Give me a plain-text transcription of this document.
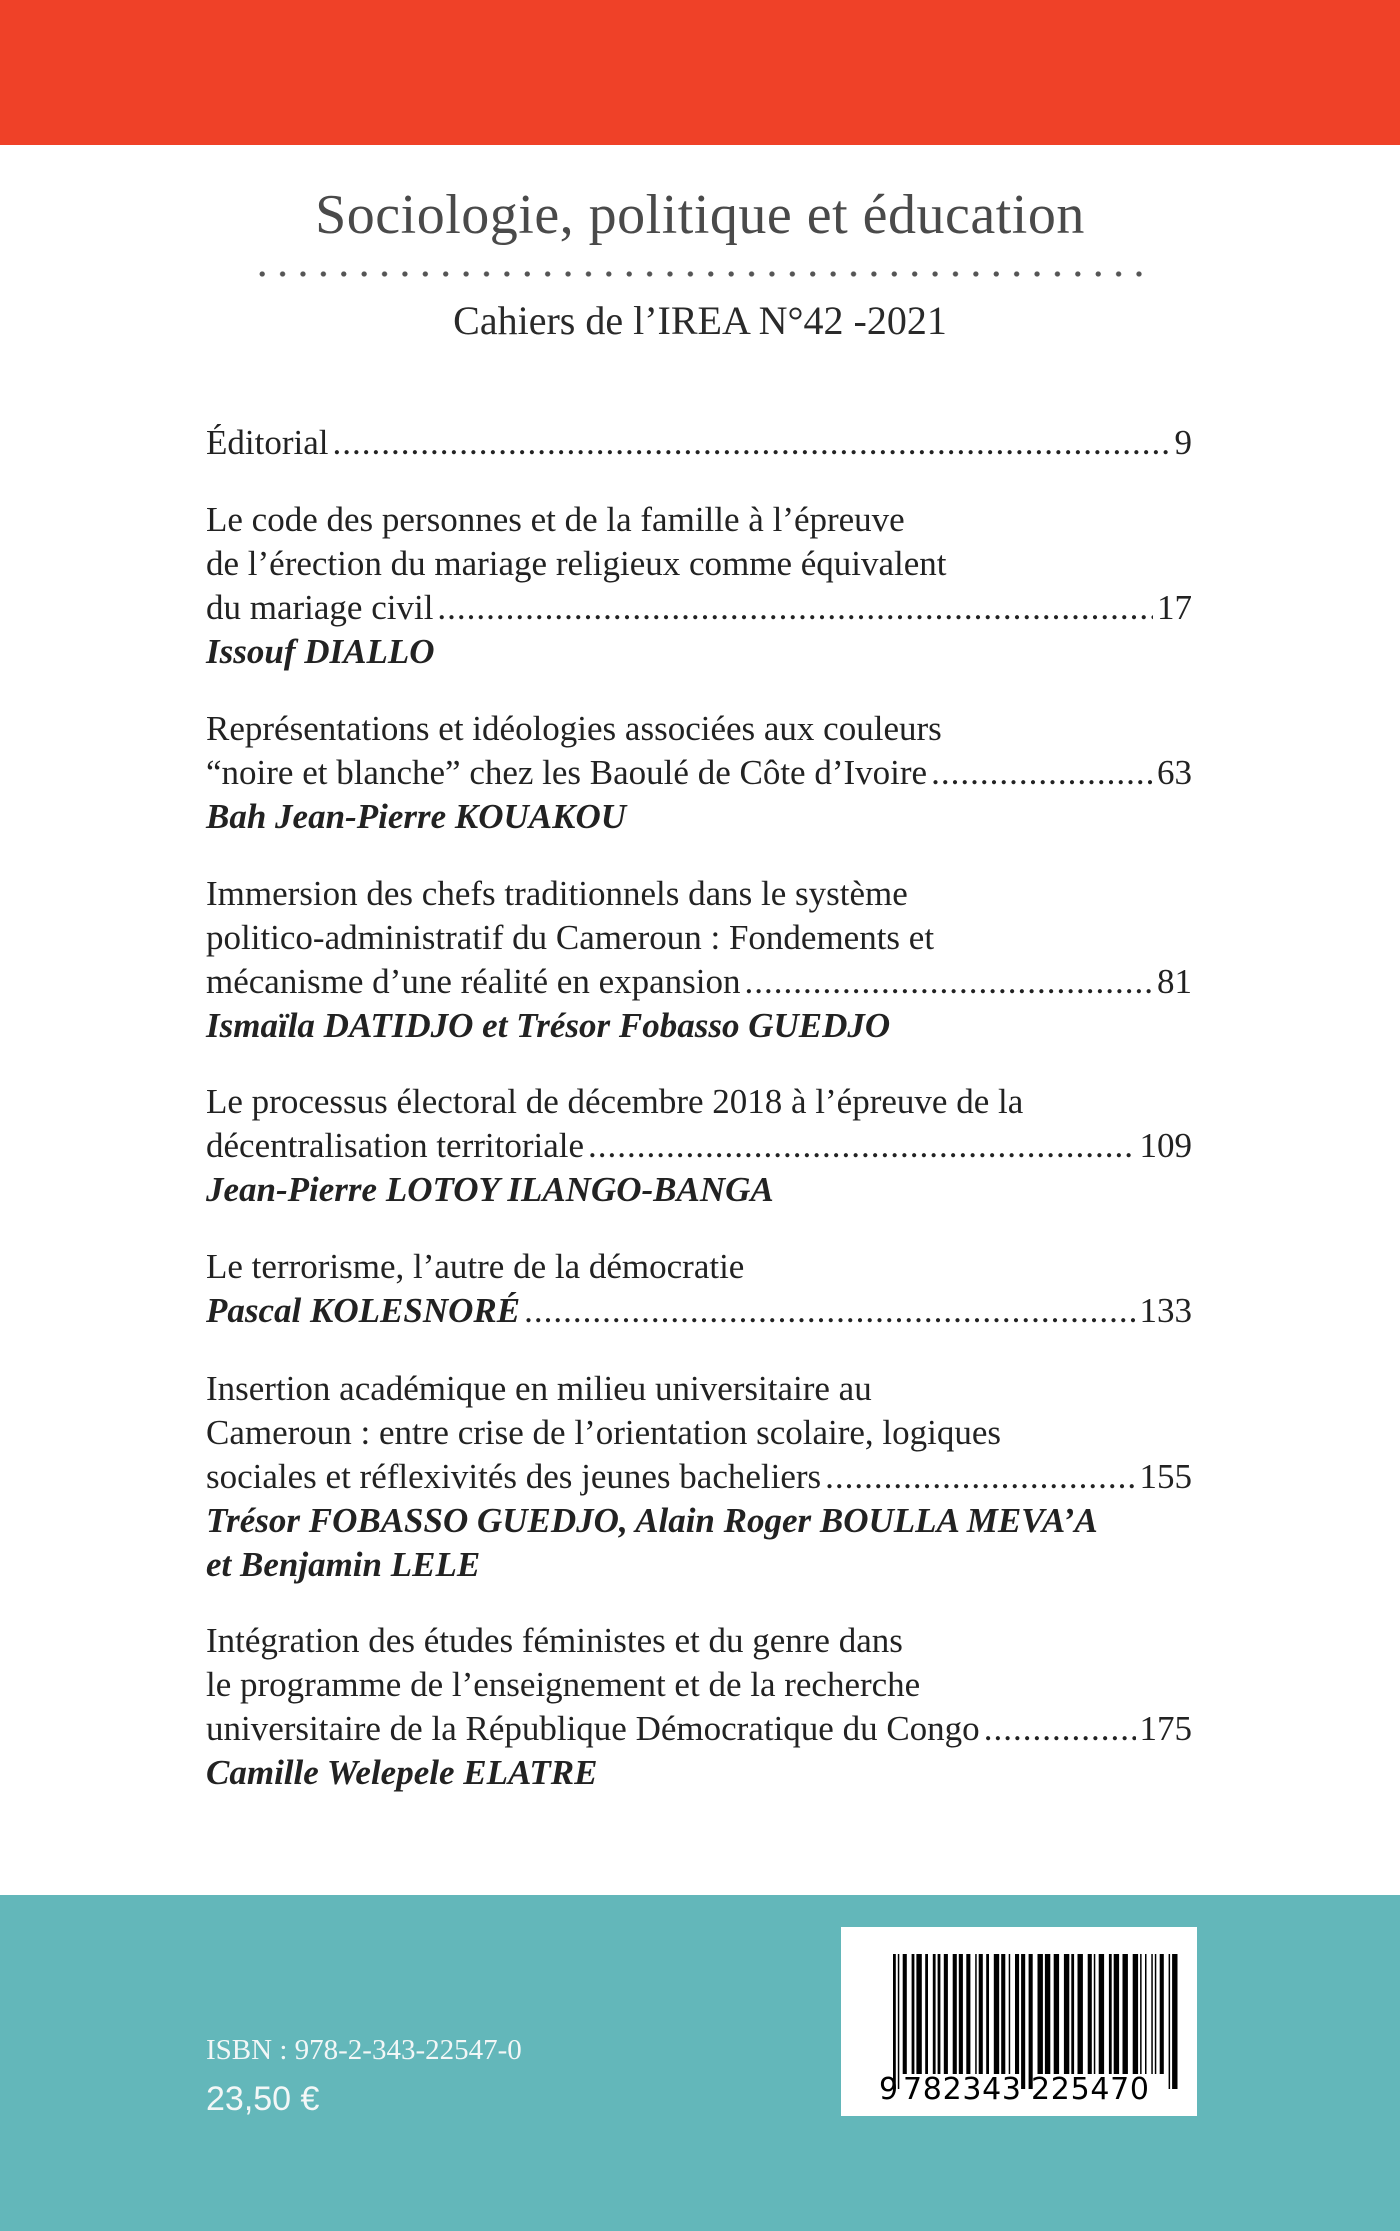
Sociologie, politique et éducation
Cahiers de l’IREA N°42 -2021
Éditorial .....	9
Le code des personnes et de la famille à l’épreuve
de l’érection du mariage religieux comme équivalent
du mariage civil .....	17
Issouf DIALLO
Représentations et idéologies associées aux couleurs
“noire et blanche” chez les Baoulé de Côte d’Ivoire .....	63
Bah Jean-Pierre KOUAKOU
Immersion des chefs traditionnels dans le système
politico-administratif du Cameroun : Fondements et
mécanisme d’une réalité en expansion .....	81
Ismaïla DATIDJO et Trésor Fobasso GUEDJO
Le processus électoral de décembre 2018 à l’épreuve de la
décentralisation territoriale .....	109
Jean-Pierre LOTOY ILANGO-BANGA
Le terrorisme, l’autre de la démocratie
Pascal KOLESNORÉ .....	133
Insertion académique en milieu universitaire au
Cameroun : entre crise de l’orientation scolaire, logiques
sociales et réflexivités des jeunes bacheliers .....	155
Trésor FOBASSO GUEDJO, Alain Roger BOULLA MEVA’A
et Benjamin LELE
Intégration des études féministes et du genre dans
le programme de l’enseignement et de la recherche
universitaire de la République Démocratique du Congo .....	175
Camille Welepele ELATRE
ISBN : 978-2-343-22547-0
23,50 €	9 782343 225470
